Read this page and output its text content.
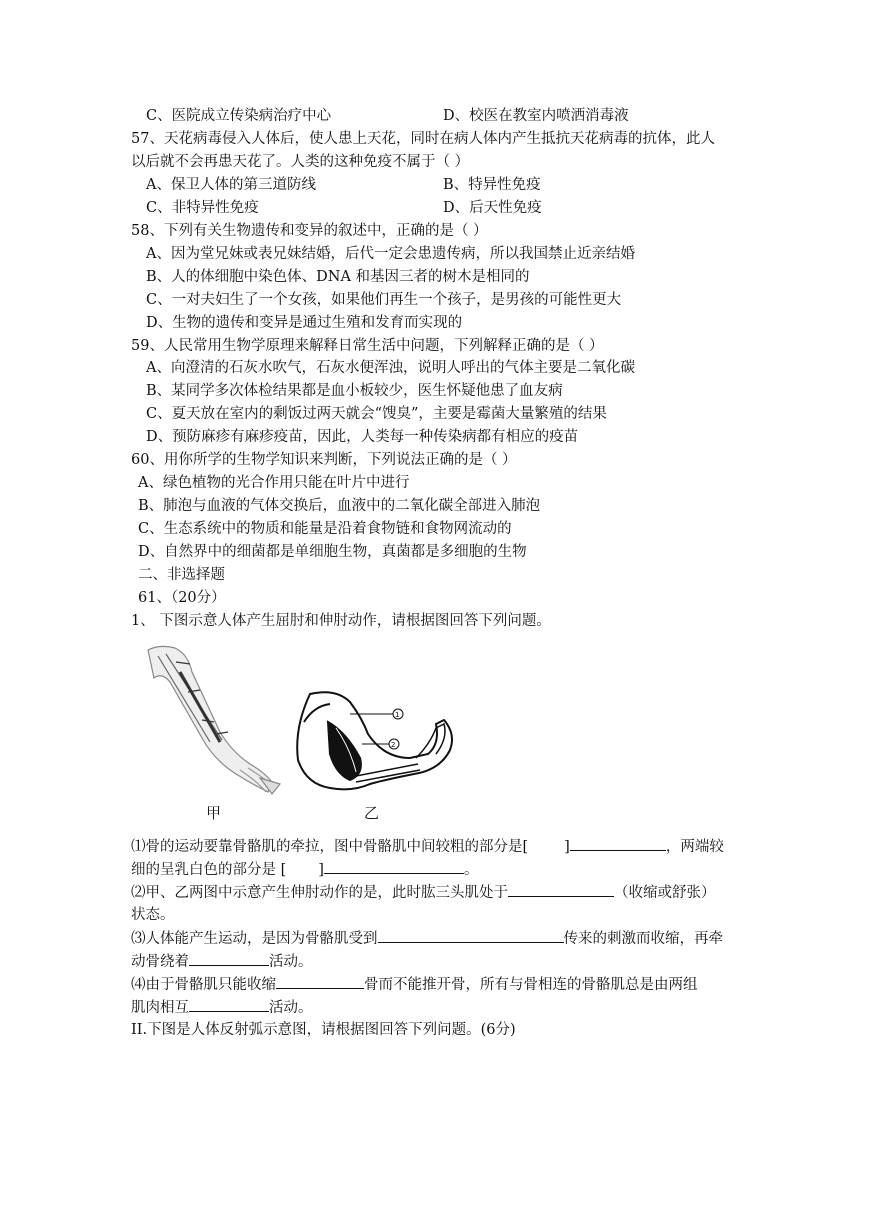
C、医院成立传染病治疗中心	D、校医在教室内喷洒消毒液
57、天花病毒侵入人体后，使人患上天花，同时在病人体内产生抵抗天花病毒的抗体，此人
以后就不会再患天花了。人类的这种免疫不属于（ ）
A、保卫人体的第三道防线	B、特异性免疫
C、非特异性免疫	D、后天性免疫
58、下列有关生物遗传和变异的叙述中，正确的是（ ）
A、因为堂兄妹或表兄妹结婚，后代一定会患遗传病，所以我国禁止近亲结婚
B、人的体细胞中染色体、DNA 和基因三者的树木是相同的
C、一对夫妇生了一个女孩，如果他们再生一个孩子，是男孩的可能性更大
D、生物的遗传和变异是通过生殖和发育而实现的
59、人民常用生物学原理来解释日常生活中问题，下列解释正确的是（ ）
A、向澄清的石灰水吹气，石灰水便浑浊，说明人呼出的气体主要是二氧化碳
B、某同学多次体检结果都是血小板较少，医生怀疑他患了血友病
C、夏天放在室内的剩饭过两天就会“馊臭”，主要是霉菌大量繁殖的结果
D、预防麻疹有麻疹疫苗，因此，人类每一种传染病都有相应的疫苗
60、用你所学的生物学知识来判断，下列说法正确的是（ ）
A、绿色植物的光合作用只能在叶片中进行
B、肺泡与血液的气体交换后，血液中的二氧化碳全部进入肺泡
C、生态系统中的物质和能量是沿着食物链和食物网流动的
D、自然界中的细菌都是单细胞生物，真菌都是多细胞的生物
二、非选择题
61、（20分）
1、 下图示意人体产生屈肘和伸肘动作，请根据图回答下列问题。
1
2
甲	乙
⑴骨的运动要靠骨骼肌的牵拉，图中骨骼肌中间较粗的部分是[ ]	，两端较
细的呈乳白色的部分是 [ ]	。
⑵甲、乙两图中示意产生伸肘动作的是，此时肱三头肌处于	（收缩或舒张）
状态。
⑶人体能产生运动，是因为骨骼肌受到	传来的刺激而收缩，再牵
动骨绕着	活动。
⑷由于骨骼肌只能收缩	骨而不能推开骨，所有与骨相连的骨骼肌总是由两组
肌肉相互	活动。
II.下图是人体反射弧示意图，请根据图回答下列问题。(6分)
